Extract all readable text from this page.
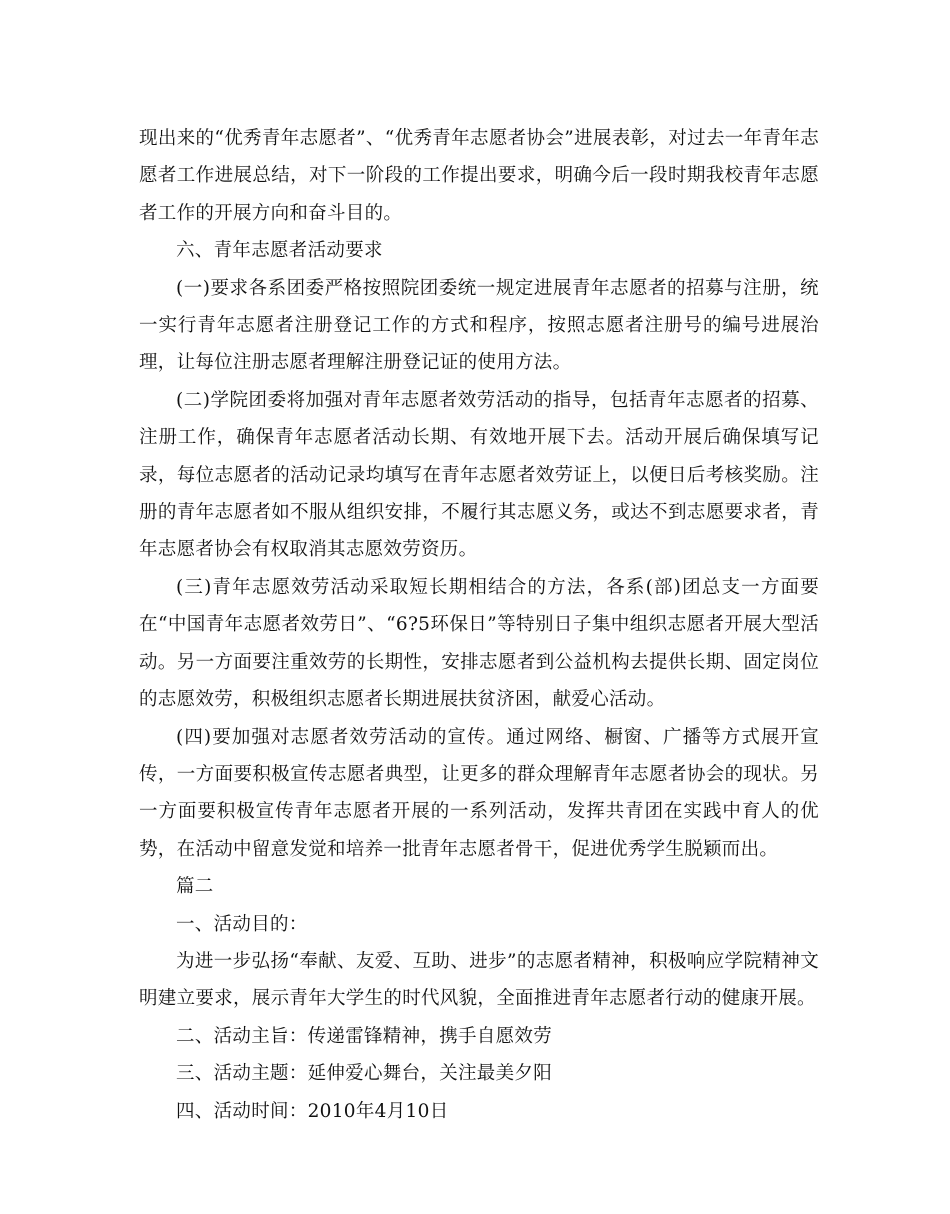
现出来的“优秀青年志愿者”、“优秀青年志愿者协会”进展表彰，对过去一年青年志愿者工作进展总结，对下一阶段的工作提出要求，明确今后一段时期我校青年志愿者工作的开展方向和奋斗目的。

六、青年志愿者活动要求

(一)要求各系团委严格按照院团委统一规定进展青年志愿者的招募与注册，统一实行青年志愿者注册登记工作的方式和程序，按照志愿者注册号的编号进展治理，让每位注册志愿者理解注册登记证的使用方法。

(二)学院团委将加强对青年志愿者效劳活动的指导，包括青年志愿者的招募、注册工作，确保青年志愿者活动长期、有效地开展下去。活动开展后确保填写记录，每位志愿者的活动记录均填写在青年志愿者效劳证上，以便日后考核奖励。注册的青年志愿者如不服从组织安排，不履行其志愿义务，或达不到志愿要求者，青年志愿者协会有权取消其志愿效劳资历。

(三)青年志愿效劳活动采取短长期相结合的方法，各系(部)团总支一方面要在“中国青年志愿者效劳日”、“6?5环保日”等特别日子集中组织志愿者开展大型活动。另一方面要注重效劳的长期性，安排志愿者到公益机构去提供长期、固定岗位的志愿效劳，积极组织志愿者长期进展扶贫济困，献爱心活动。

(四)要加强对志愿者效劳活动的宣传。通过网络、橱窗、广播等方式展开宣传，一方面要积极宣传志愿者典型，让更多的群众理解青年志愿者协会的现状。另一方面要积极宣传青年志愿者开展的一系列活动，发挥共青团在实践中育人的优势，在活动中留意发觉和培养一批青年志愿者骨干，促进优秀学生脱颖而出。

篇二

一、活动目的：

为进一步弘扬“奉献、友爱、互助、进步”的志愿者精神，积极响应学院精神文明建立要求，展示青年大学生的时代风貌，全面推进青年志愿者行动的健康开展。

二、活动主旨：传递雷锋精神，携手自愿效劳

三、活动主题：延伸爱心舞台，关注最美夕阳

四、活动时间：2010年4月10日
